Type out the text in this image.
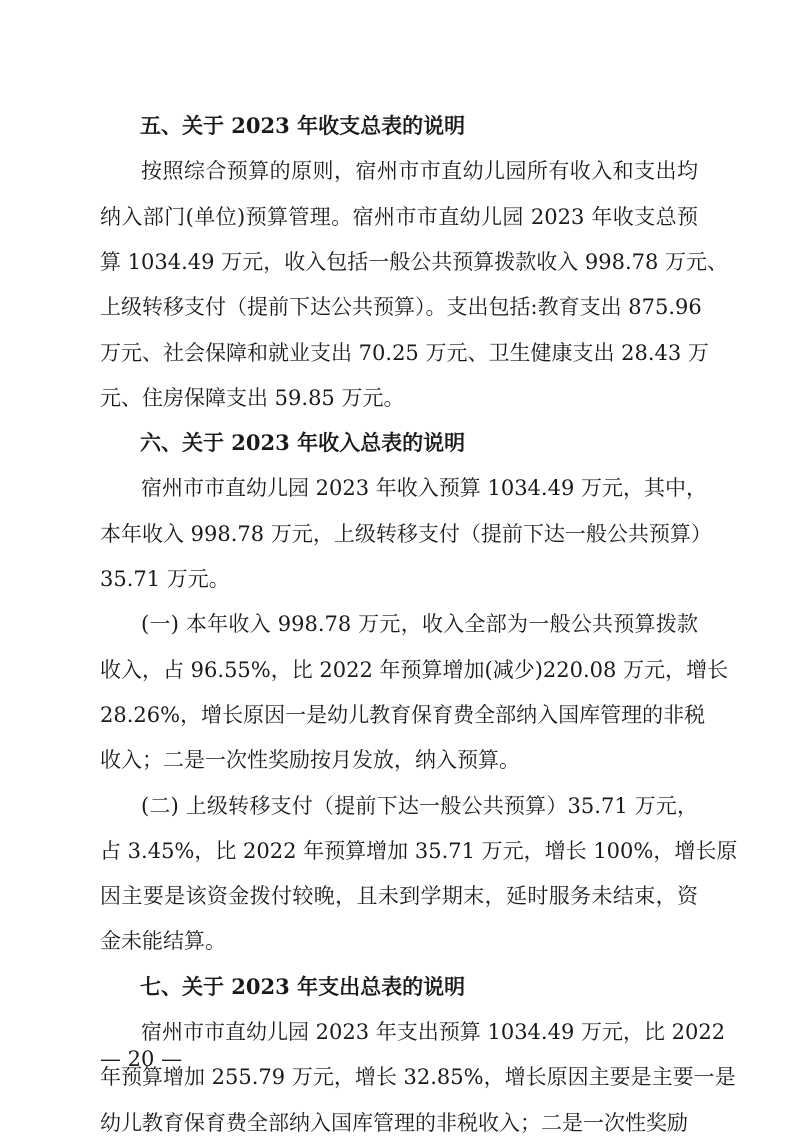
— 20 —
五、关于 2023 年收支总表的说明
按照综合预算的原则，宿州市市直幼儿园所有收入和支出均
纳入部门(单位)预算管理。宿州市市直幼儿园 2023 年收支总预
算 1034.49 万元，收入包括一般公共预算拨款收入 998.78 万元、
上级转移支付（提前下达公共预算）。支出包括:教育支出 875.96
万元、社会保障和就业支出 70.25 万元、卫生健康支出 28.43 万
元、住房保障支出 59.85 万元。
六、关于 2023 年收入总表的说明
宿州市市直幼儿园 2023 年收入预算 1034.49 万元，其中，
本年收入 998.78 万元，上级转移支付（提前下达一般公共预算）
35.71 万元。
(一) 本年收入 998.78 万元，收入全部为一般公共预算拨款
收入，占 96.55%，比 2022 年预算增加(减少)220.08 万元，增长
28.26%，增长原因一是幼儿教育保育费全部纳入国库管理的非税
收入；二是一次性奖励按月发放，纳入预算。
(二) 上级转移支付（提前下达一般公共预算）35.71 万元，
占 3.45%，比 2022 年预算增加 35.71 万元，增长 100%，增长原
因主要是该资金拨付较晚，且未到学期末，延时服务未结束，资
金未能结算。
七、关于 2023 年支出总表的说明
宿州市市直幼儿园 2023 年支出预算 1034.49 万元，比 2022
年预算增加 255.79 万元，增长 32.85%，增长原因主要是主要一是
幼儿教育保育费全部纳入国库管理的非税收入；二是一次性奖励
